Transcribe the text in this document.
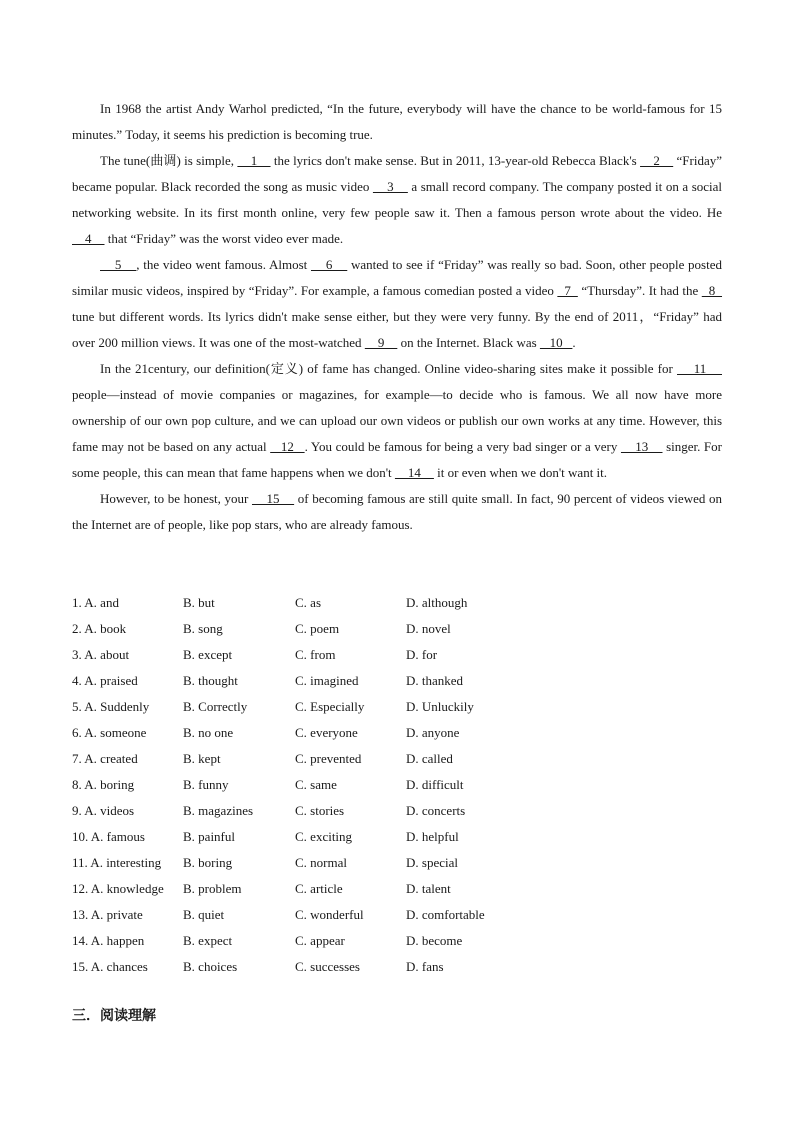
In 1968 the artist Andy Warhol predicted, “In the future, everybody will have the chance to be world-famous for 15 minutes.” Today, it seems his prediction is becoming true.

The tune(曲调) is simple,     1     the lyrics don't make sense. But in 2011, 13-year-old Rebecca Black's     2     “Friday” became popular. Black recorded the song as music video     3     a small record company. The company posted it on a social networking website. In its first month online, very few people saw it. Then a famous person wrote about the video. He     4     that “Friday” was the worst video ever made.

5    , the video went famous. Almost     6     wanted to see if “Friday” was really so bad. Soon, other people posted similar music videos, inspired by “Friday”. For example, a famous comedian posted a video   7   “Thursday”. It had the   8   tune but different words. Its lyrics didn't make sense either, but they were very funny. By the end of 2011，“Friday” had over 200 million views. It was one of the most-watched     9     on the Internet. Black was    10   .

In the 21century, our definition(定义) of fame has changed. Online video-sharing sites make it possible for     11     people—instead of movie companies or magazines, for example—to decide who is famous. We all now have more ownership of our own pop culture, and we can upload our own videos or publish our own works at any time. However, this fame may not be based on any actual    12   . You could be famous for being a very bad singer or a very     13     singer. For some people, this can mean that fame happens when we don't     14     it or even when we don't want it.

However, to be honest, your     15     of becoming famous are still quite small. In fact, 90 percent of videos viewed on the Internet are of people, like pop stars, who are already famous.

1. A. and	B. but	C. as	D. although
2. A. book	B. song	C. poem	D. novel
3. A. about	B. except	C. from	D. for
4. A. praised	B. thought	C. imagined	D. thanked
5. A. Suddenly	B. Correctly	C. Especially	D. Unluckily
6. A. someone	B. no one	C. everyone	D. anyone
7. A. created	B. kept	C. prevented	D. called
8. A. boring	B. funny	C. same	D. difficult
9. A. videos	B. magazines	C. stories	D. concerts
10. A. famous	B. painful	C. exciting	D. helpful
11. A. interesting	B. boring	C. normal	D. special
12. A. knowledge	B. problem	C. article	D. talent
13. A. private	B. quiet	C. wonderful	D. comfortable
14. A. happen	B. expect	C. appear	D. become
15. A. chances	B. choices	C. successes	D. fans
三．阅读理解
